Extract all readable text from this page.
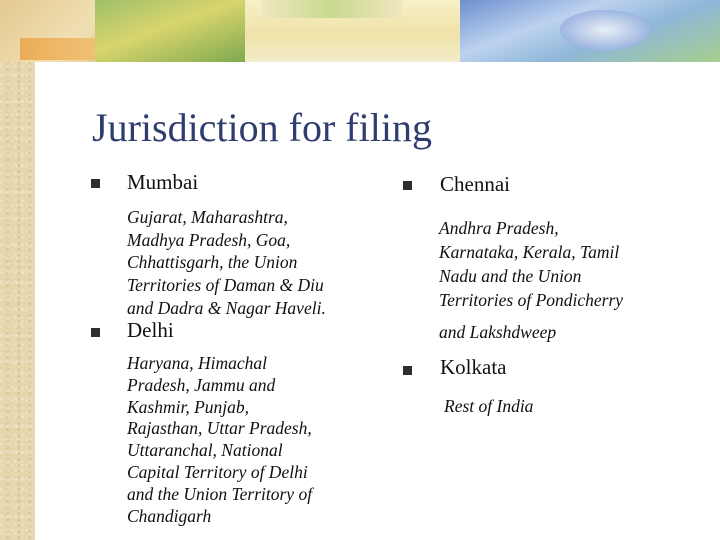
Jurisdiction for filing

Mumbai

Gujarat, Maharashtra,
Madhya Pradesh, Goa,
Chhattisgarh, the Union
Territories of Daman & Diu
and Dadra & Nagar Haveli.

Delhi

Haryana, Himachal
Pradesh, Jammu and
Kashmir, Punjab,
Rajasthan, Uttar Pradesh,
Uttaranchal, National
Capital Territory of Delhi
and the Union Territory of
Chandigarh

Chennai

Andhra Pradesh,
Karnataka, Kerala, Tamil
Nadu and the Union
Territories of Pondicherry
and Lakshdweep

Kolkata

Rest of India
